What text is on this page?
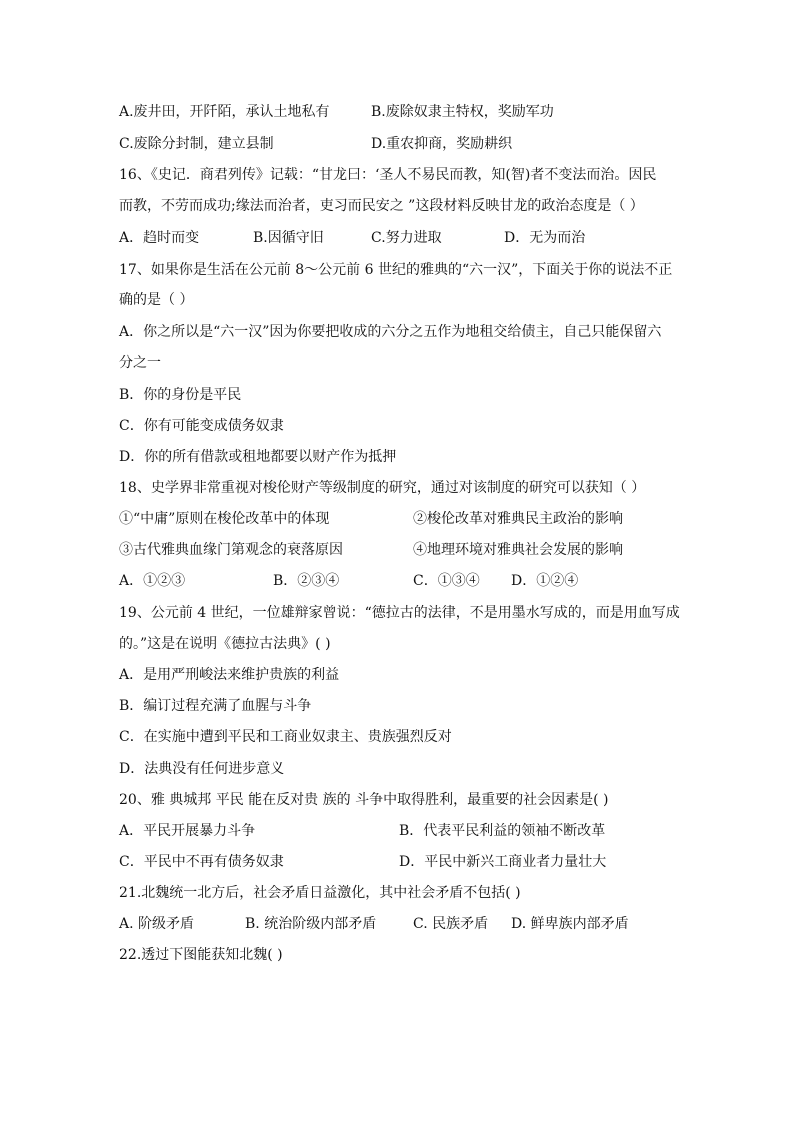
A.废井田，开阡陌，承认土地私有	B.废除奴隶主特权，奖励军功
C.废除分封制，建立县制	D.重农抑商，奖励耕织
16、《史记．商君列传》记载：“甘龙曰：‘圣人不易民而教，知(智)者不变法而治。因民
而教，不劳而成功;缘法而治者，吏习而民安之 ”这段材料反映甘龙的政治态度是（ ）
A．趋时而变	B.因循守旧	C.努力进取	D．无为而治
17、如果你是生活在公元前 8～公元前 6 世纪的雅典的“六一汉”，下面关于你的说法不正
确的是（ ）
A．你之所以是“六一汉”因为你要把收成的六分之五作为地租交给债主，自己只能保留六
分之一
B．你的身份是平民
C．你有可能变成债务奴隶
D．你的所有借款或租地都要以财产作为抵押
18、史学界非常重视对梭伦财产等级制度的研究，通过对该制度的研究可以获知（ ）
①“中庸”原则在梭伦改革中的体现	②梭伦改革对雅典民主政治的影响
③古代雅典血缘门第观念的衰落原因	④地理环境对雅典社会发展的影响
A．①②③	B．②③④	C．①③④ D．①②④
19、公元前 4 世纪，一位雄辩家曾说：“德拉古的法律，不是用墨水写成的，而是用血写成
的。”这是在说明《德拉古法典》( )
A．是用严刑峻法来维护贵族的利益
B．编订过程充满了血腥与斗争
C．在实施中遭到平民和工商业奴隶主、贵族强烈反对
D．法典没有任何进步意义
20、雅 典城邦 平民 能在反对贵 族的 斗争中取得胜利，最重要的社会因素是( )
A．平民开展暴力斗争	B．代表平民利益的领袖不断改革
C．平民中不再有债务奴隶	D．平民中新兴工商业者力量壮大
21.北魏统一北方后，社会矛盾日益激化，其中社会矛盾不包括( )
A. 阶级矛盾	B. 统治阶级内部矛盾	C. 民族矛盾 D. 鲜卑族内部矛盾
22.透过下图能获知北魏( )
